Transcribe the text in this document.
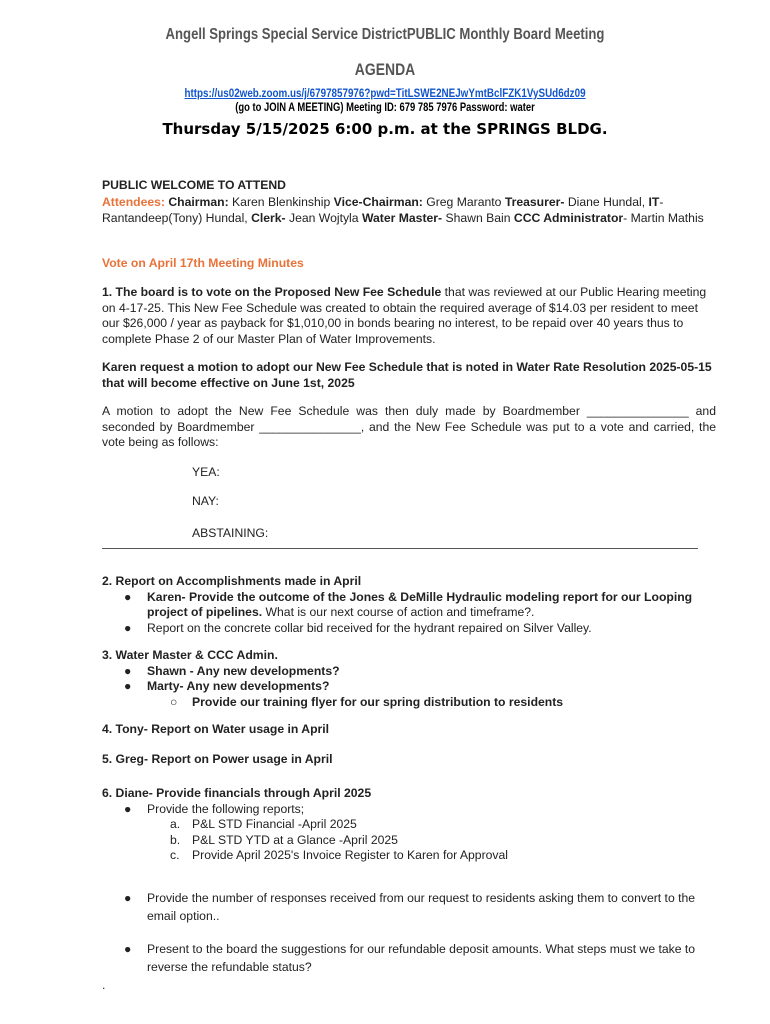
Angell Springs Special Service DistrictPUBLIC Monthly Board Meeting
AGENDA
https://us02web.zoom.us/j/6797857976?pwd=TitLSWE2NEJwYmtBclFZK1VySUd6dz09
(go to JOIN A MEETING) Meeting ID: 679 785 7976 Password: water
Thursday 5/15/2025 6:00 p.m. at the SPRINGS BLDG.
PUBLIC WELCOME TO ATTEND
Attendees: Chairman: Karen Blenkinship Vice-Chairman: Greg Maranto Treasurer- Diane Hundal, IT-Rantandeep(Tony) Hundal, Clerk- Jean Wojtyla Water Master- Shawn Bain CCC Administrator- Martin Mathis
Vote on April 17th Meeting Minutes
1. The board is to vote on the Proposed New Fee Schedule that was reviewed at our Public Hearing meeting on 4-17-25. This New Fee Schedule was created to obtain the required average of $14.03 per resident to meet our $26,000 / year as payback for $1,010,00 in bonds bearing no interest, to be repaid over 40 years thus to complete Phase 2 of our Master Plan of Water Improvements.
Karen request a motion to adopt our New Fee Schedule that is noted in Water Rate Resolution 2025-05-15 that will become effective on June 1st, 2025
A motion to adopt the New Fee Schedule was then duly made by Boardmember _______________ and seconded by Boardmember _______________, and the New Fee Schedule was put to a vote and carried, the vote being as follows:
YEA:
NAY:
ABSTAINING:
2. Report on Accomplishments made in April
● Karen- Provide the outcome of the Jones & DeMille Hydraulic modeling report for our Looping project of pipelines. What is our next course of action and timeframe?.
● Report on the concrete collar bid received for the hydrant repaired on Silver Valley.
3. Water Master & CCC Admin.
● Shawn - Any new developments?
● Marty- Any new developments?
○ Provide our training flyer for our spring distribution to residents
4. Tony- Report on Water usage in April
5. Greg- Report on Power usage in April
6. Diane- Provide financials through April 2025
● Provide the following reports;
a. P&L STD Financial -April 2025
b. P&L STD YTD at a Glance -April 2025
c. Provide April 2025's Invoice Register to Karen for Approval
● Provide the number of responses received from our request to residents asking them to convert to the email option..
● Present to the board the suggestions for our refundable deposit amounts. What steps must we take to reverse the refundable status?
.
